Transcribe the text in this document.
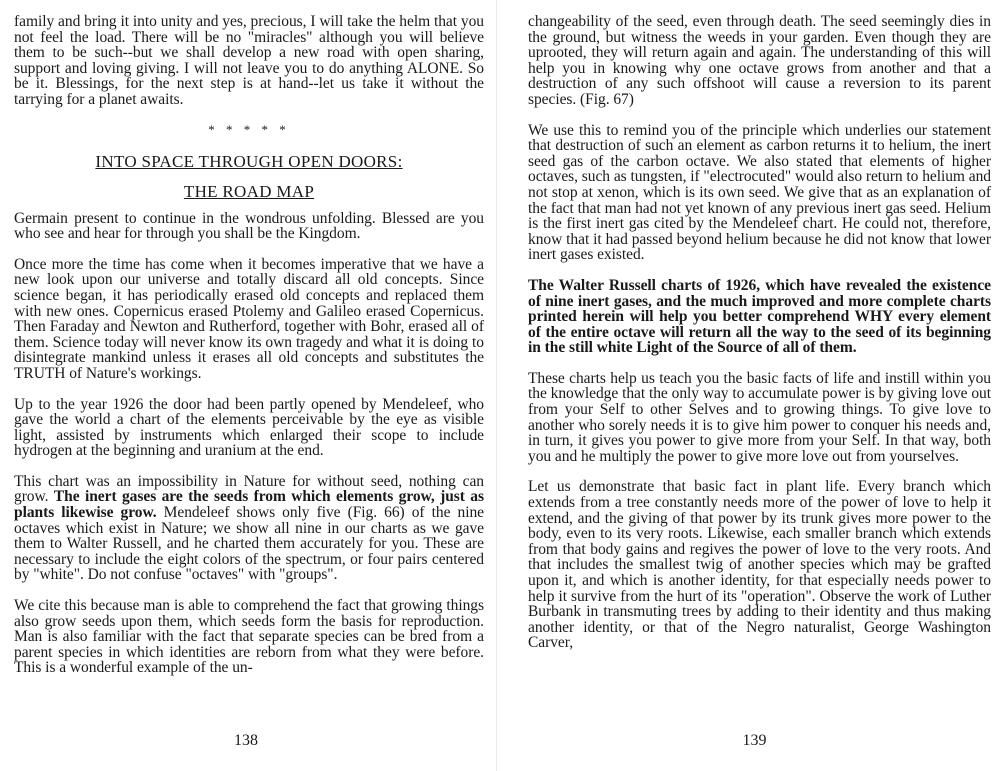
family and bring it into unity and yes, precious, I will take the helm that you not feel the load. There will be no "miracles" although you will believe them to be such--but we shall develop a new road with open sharing, support and loving giving. I will not leave you to do anything ALONE. So be it. Blessings, for the next step is at hand--let us take it without the tarrying for a planet awaits.

* * * * *
INTO SPACE THROUGH OPEN DOORS:
THE ROAD MAP

Germain present to continue in the wondrous unfolding. Blessed are you who see and hear for through you shall be the Kingdom.

Once more the time has come when it becomes imperative that we have a new look upon our universe and totally discard all old concepts. Since science began, it has periodically erased old concepts and replaced them with new ones. Copernicus erased Ptolemy and Galileo erased Copernicus. Then Faraday and Newton and Rutherford, together with Bohr, erased all of them. Science today will never know its own tragedy and what it is doing to disintegrate mankind unless it erases all old concepts and substitutes the TRUTH of Nature's workings.

Up to the year 1926 the door had been partly opened by Mendeleef, who gave the world a chart of the elements perceivable by the eye as visible light, assisted by instruments which enlarged their scope to include hydrogen at the beginning and uranium at the end.

This chart was an impossibility in Nature for without seed, nothing can grow. The inert gases are the seeds from which elements grow, just as plants likewise grow. Mendeleef shows only five (Fig. 66) of the nine octaves which exist in Nature; we show all nine in our charts as we gave them to Walter Russell, and he charted them accurately for you. These are necessary to include the eight colors of the spectrum, or four pairs centered by "white". Do not confuse "octaves" with "groups".

We cite this because man is able to comprehend the fact that growing things also grow seeds upon them, which seeds form the basis for reproduction. Man is also familiar with the fact that separate species can be bred from a parent species in which identities are reborn from what they were before. This is a wonderful example of the un-

138

changeability of the seed, even through death. The seed seemingly dies in the ground, but witness the weeds in your garden. Even though they are uprooted, they will return again and again. The understanding of this will help you in knowing why one octave grows from another and that a destruction of any such offshoot will cause a reversion to its parent species. (Fig. 67)

We use this to remind you of the principle which underlies our statement that destruction of such an element as carbon returns it to helium, the inert seed gas of the carbon octave. We also stated that elements of higher octaves, such as tungsten, if "electrocuted" would also return to helium and not stop at xenon, which is its own seed. We give that as an explanation of the fact that man had not yet known of any previous inert gas seed. Helium is the first inert gas cited by the Mendeleef chart. He could not, therefore, know that it had passed beyond helium because he did not know that lower inert gases existed.

The Walter Russell charts of 1926, which have revealed the existence of nine inert gases, and the much improved and more complete charts printed herein will help you better comprehend WHY every element of the entire octave will return all the way to the seed of its beginning in the still white Light of the Source of all of them.

These charts help us teach you the basic facts of life and instill within you the knowledge that the only way to accumulate power is by giving love out from your Self to other Selves and to growing things. To give love to another who sorely needs it is to give him power to conquer his needs and, in turn, it gives you power to give more from your Self. In that way, both you and he multiply the power to give more love out from yourselves.

Let us demonstrate that basic fact in plant life. Every branch which extends from a tree constantly needs more of the power of love to help it extend, and the giving of that power by its trunk gives more power to the body, even to its very roots. Likewise, each smaller branch which extends from that body gains and regives the power of love to the very roots. And that includes the smallest twig of another species which may be grafted upon it, and which is another identity, for that especially needs power to help it survive from the hurt of its "operation". Observe the work of Luther Burbank in transmuting trees by adding to their identity and thus making another identity, or that of the Negro naturalist, George Washington Carver,

139
